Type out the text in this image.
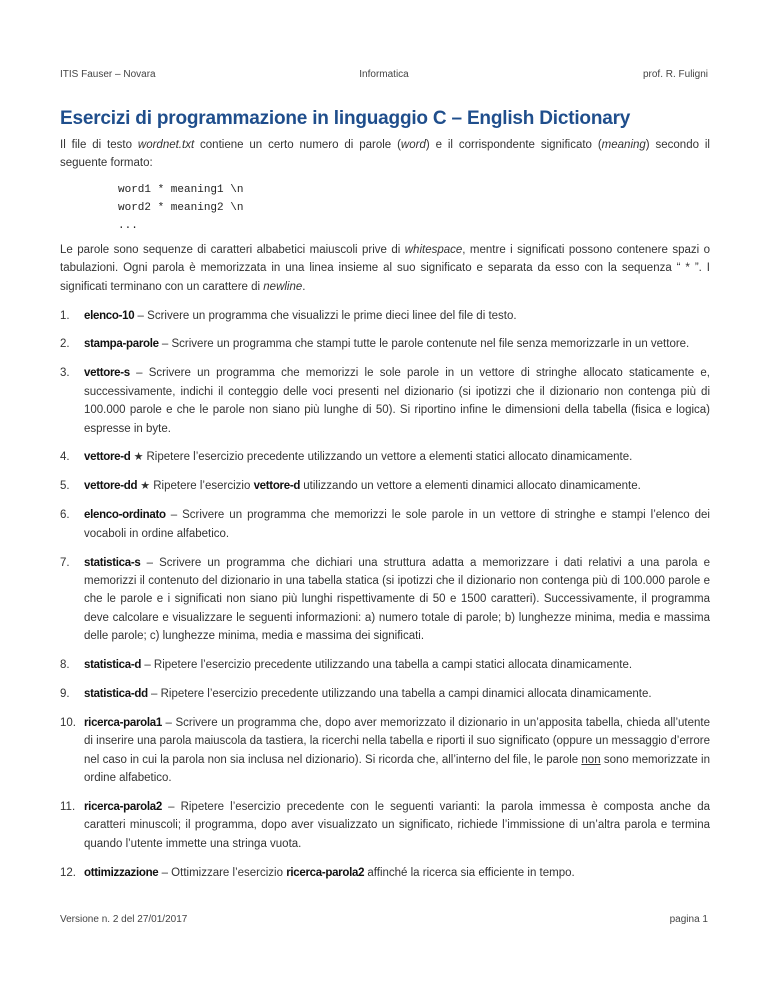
ITIS Fauser – Novara	Informatica	prof. R. Fuligni
Esercizi di programmazione in linguaggio C – English Dictionary

Il file di testo wordnet.txt contiene un certo numero di parole (word) e il corrispondente significato (meaning) secondo il seguente formato:

word1 * meaning1 \n
word2 * meaning2 \n
...

Le parole sono sequenze di caratteri albabetici maiuscoli prive di whitespace, mentre i significati possono contenere spazi o tabulazioni. Ogni parola è memorizzata in una linea insieme al suo significato e separata da esso con la sequenza “ * ”. I significati terminano con un carattere di newline.

1. elenco-10 – Scrivere un programma che visualizzi le prime dieci linee del file di testo.
2. stampa-parole – Scrivere un programma che stampi tutte le parole contenute nel file senza memorizzarle in un vettore.
3. vettore-s – Scrivere un programma che memorizzi le sole parole in un vettore di stringhe allocato staticamente e, successivamente, indichi il conteggio delle voci presenti nel dizionario (si ipotizzi che il dizionario non contenga più di 100.000 parole e che le parole non siano più lunghe di 50). Si riportino infine le dimensioni della tabella (fisica e logica) espresse in byte.
4. vettore-d ★ Ripetere l’esercizio precedente utilizzando un vettore a elementi statici allocato dinamicamente.
5. vettore-dd ★ Ripetere l’esercizio vettore-d utilizzando un vettore a elementi dinamici allocato dinamicamente.
6. elenco-ordinato – Scrivere un programma che memorizzi le sole parole in un vettore di stringhe e stampi l’elenco dei vocaboli in ordine alfabetico.
7. statistica-s – Scrivere un programma che dichiari una struttura adatta a memorizzare i dati relativi a una parola e memorizzi il contenuto del dizionario in una tabella statica (si ipotizzi che il dizionario non contenga più di 100.000 parole e che le parole e i significati non siano più lunghi rispettivamente di 50 e 1500 caratteri). Successivamente, il programma deve calcolare e visualizzare le seguenti informazioni: a) numero totale di parole; b) lunghezze minima, media e massima delle parole; c) lunghezze minima, media e massima dei significati.
8. statistica-d – Ripetere l’esercizio precedente utilizzando una tabella a campi statici allocata dinamicamente.
9. statistica-dd – Ripetere l’esercizio precedente utilizzando una tabella a campi dinamici allocata dinamicamente.
10. ricerca-parola1 – Scrivere un programma che, dopo aver memorizzato il dizionario in un’apposita tabella, chieda all’utente di inserire una parola maiuscola da tastiera, la ricerchi nella tabella e riporti il suo significato (oppure un messaggio d’errore nel caso in cui la parola non sia inclusa nel dizionario). Si ricorda che, all’interno del file, le parole non sono memorizzate in ordine alfabetico.
11. ricerca-parola2 – Ripetere l’esercizio precedente con le seguenti varianti: la parola immessa è composta anche da caratteri minuscoli; il programma, dopo aver visualizzato un significato, richiede l’immissione di un’altra parola e termina quando l’utente immette una stringa vuota.
12. ottimizzazione – Ottimizzare l’esercizio ricerca-parola2 affinché la ricerca sia efficiente in tempo.
Versione n. 2 del 27/01/2017	pagina 1
